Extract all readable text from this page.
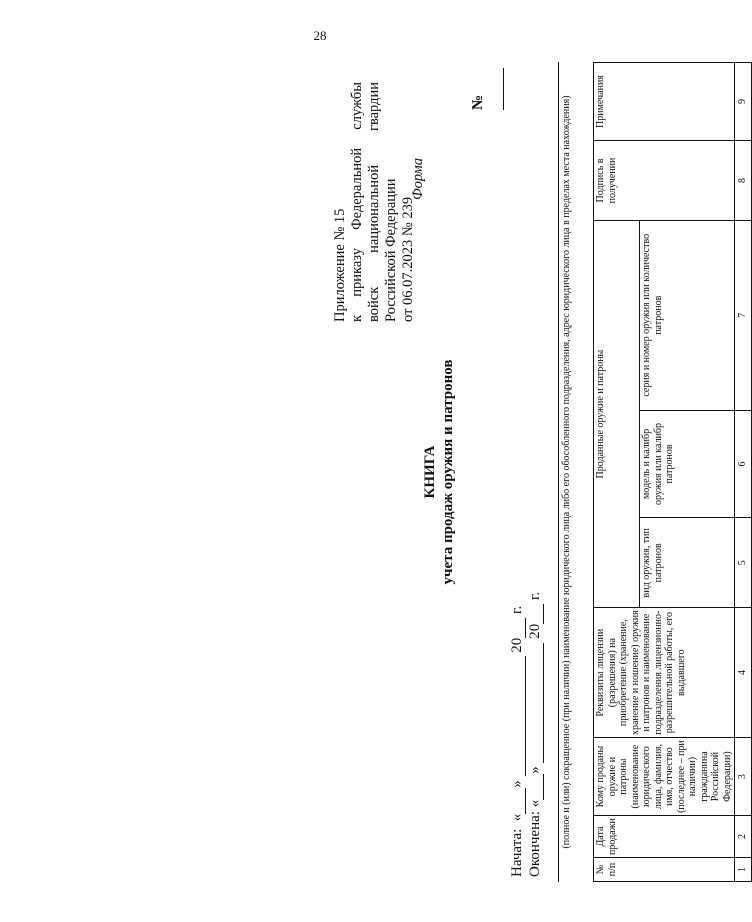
28
Приложение № 15 к
приказу
Федеральной
службы
войск
национальной
гвардии
Российской Федерации от 06.07.2023 № 239
Форма
КНИГА учета продаж оружия и патронов
№
Начата:  «»  20 г.
Окончена: «»  20 г. (полное и (или) сокращенное (при наличии) наименование юридического лица либо его обособленного подразделения, адрес юридического лица в пределах места нахождения)
№ п/п	Дата продажи	Кому проданы оружие и патроны (наименование юридического лица, фамилия, имя, отчество (последнее – при наличии) гражданина Российской Федерации)	Реквизиты лицензии (разрешения) на приобретение (хранение, хранение и ношение) оружия и патронов и наименование подразделения лицензионно-разрешительной работы, его выдавшего	Проданные оружие и патроны			Подпись в получении	Примечания
				вид оружия, тип патронов	модель и калибр оружия или калибр патронов	серия и номер оружия или количество патронов		
1	2	3	4	5	6	7	8	9
